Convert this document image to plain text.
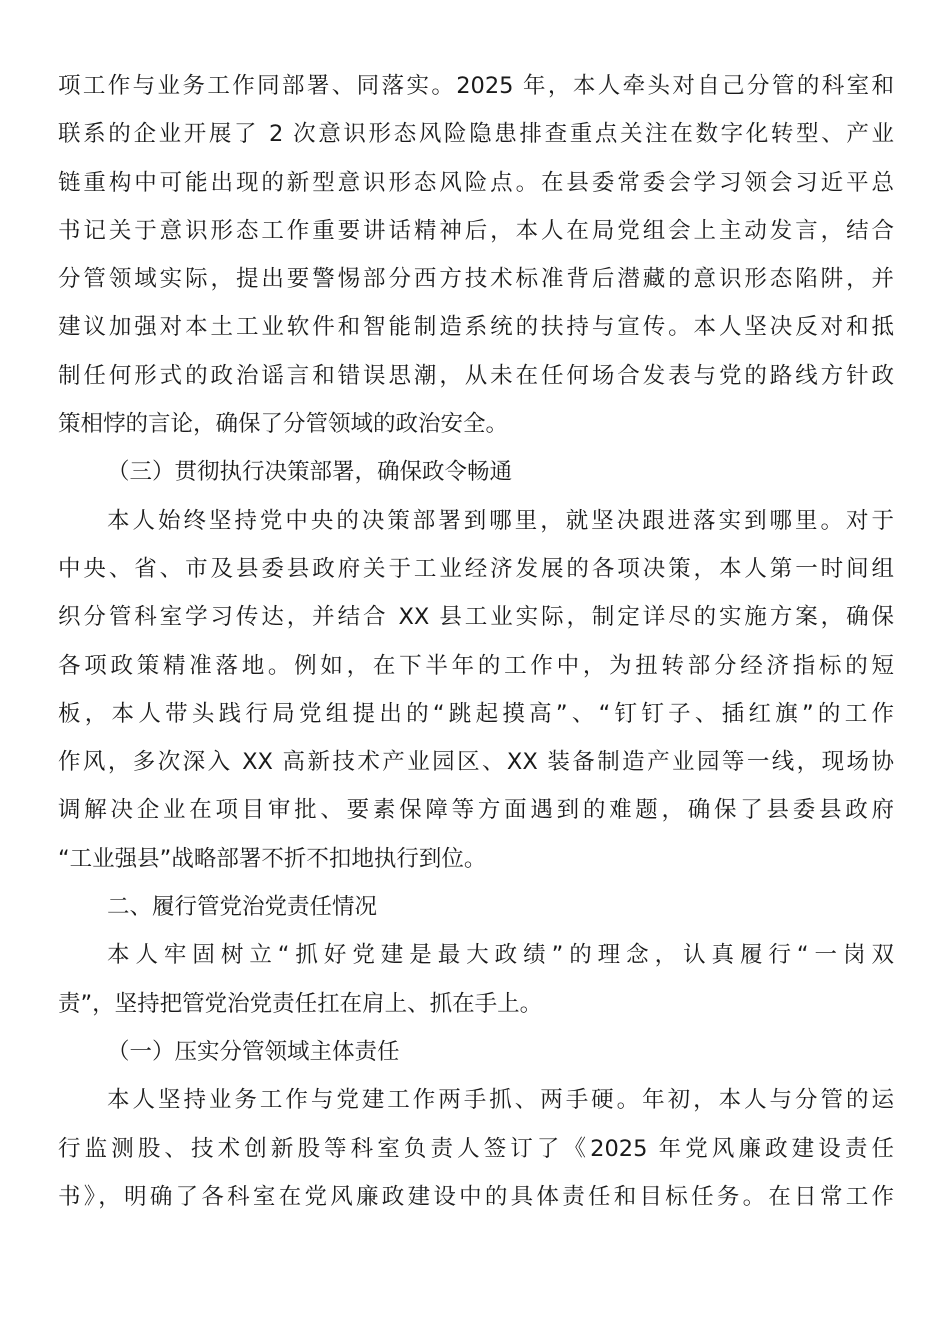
项工作与业务工作同部署、同落实。2025 年，本人牵头对自己分管的科室和
联系的企业开展了 2 次意识形态风险隐患排查重点关注在数字化转型、产业
链重构中可能出现的新型意识形态风险点。在县委常委会学习领会习近平总
书记关于意识形态工作重要讲话精神后，本人在局党组会上主动发言，结合
分管领域实际，提出要警惕部分西方技术标准背后潜藏的意识形态陷阱，并
建议加强对本土工业软件和智能制造系统的扶持与宣传。本人坚决反对和抵
制任何形式的政治谣言和错误思潮，从未在任何场合发表与党的路线方针政
策相悖的言论，确保了分管领域的政治安全。
（三）贯彻执行决策部署，确保政令畅通
本人始终坚持党中央的决策部署到哪里，就坚决跟进落实到哪里。对于
中央、省、市及县委县政府关于工业经济发展的各项决策，本人第一时间组
织分管科室学习传达，并结合 XX 县工业实际，制定详尽的实施方案，确保
各项政策精准落地。例如，在下半年的工作中，为扭转部分经济指标的短
板，本人带头践行局党组提出的“跳起摸高”、“钉钉子、插红旗”的工作
作风，多次深入 XX 高新技术产业园区、XX 装备制造产业园等一线，现场协
调解决企业在项目审批、要素保障等方面遇到的难题，确保了县委县政府
“工业强县”战略部署不折不扣地执行到位。
二、履行管党治党责任情况
本人牢固树立“抓好党建是最大政绩”的理念，认真履行“一岗双
责”，坚持把管党治党责任扛在肩上、抓在手上。
（一）压实分管领域主体责任
本人坚持业务工作与党建工作两手抓、两手硬。年初，本人与分管的运
行监测股、技术创新股等科室负责人签订了《2025 年党风廉政建设责任
书》，明确了各科室在党风廉政建设中的具体责任和目标任务。在日常工作
